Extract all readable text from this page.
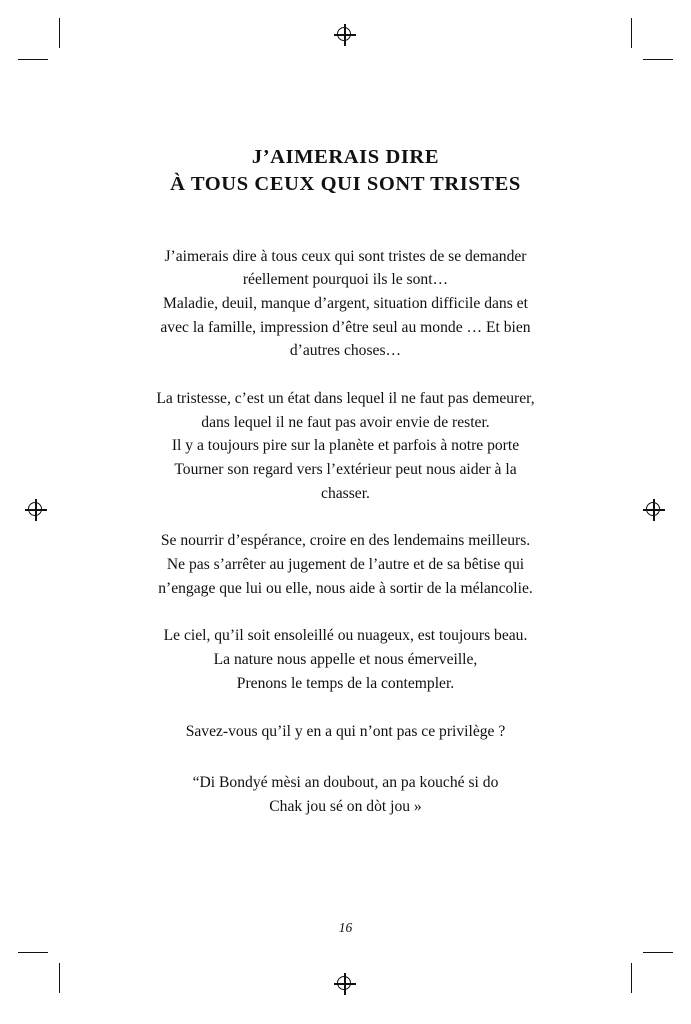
J’AIMERAIS DIRE
À TOUS CEUX QUI SONT TRISTES

J’aimerais dire à tous ceux qui sont tristes de se demander
réellement pourquoi ils le sont…
Maladie, deuil, manque d’argent, situation difficile dans et
avec la famille, impression d’être seul au monde … Et bien
d’autres choses…

La tristesse, c’est un état dans lequel il ne faut pas demeurer,
dans lequel il ne faut pas avoir envie de rester.
Il y a toujours pire sur la planète et parfois à notre porte
Tourner son regard vers l’extérieur peut nous aider à la
chasser.

Se nourrir d’espérance, croire en des lendemains meilleurs.
Ne pas s’arrêter au jugement de l’autre et de sa bêtise qui
n’engage que lui ou elle, nous aide à sortir de la mélancolie.

Le ciel, qu’il soit ensoleillé ou nuageux, est toujours beau.
La nature nous appelle et nous émerveille,
Prenons le temps de la contempler.

Savez-vous qu’il y en a qui n’ont pas ce privilège ?

“Di Bondyé mèsi an doubout, an pa kouché si do
Chak jou sé on dòt jou »

16
